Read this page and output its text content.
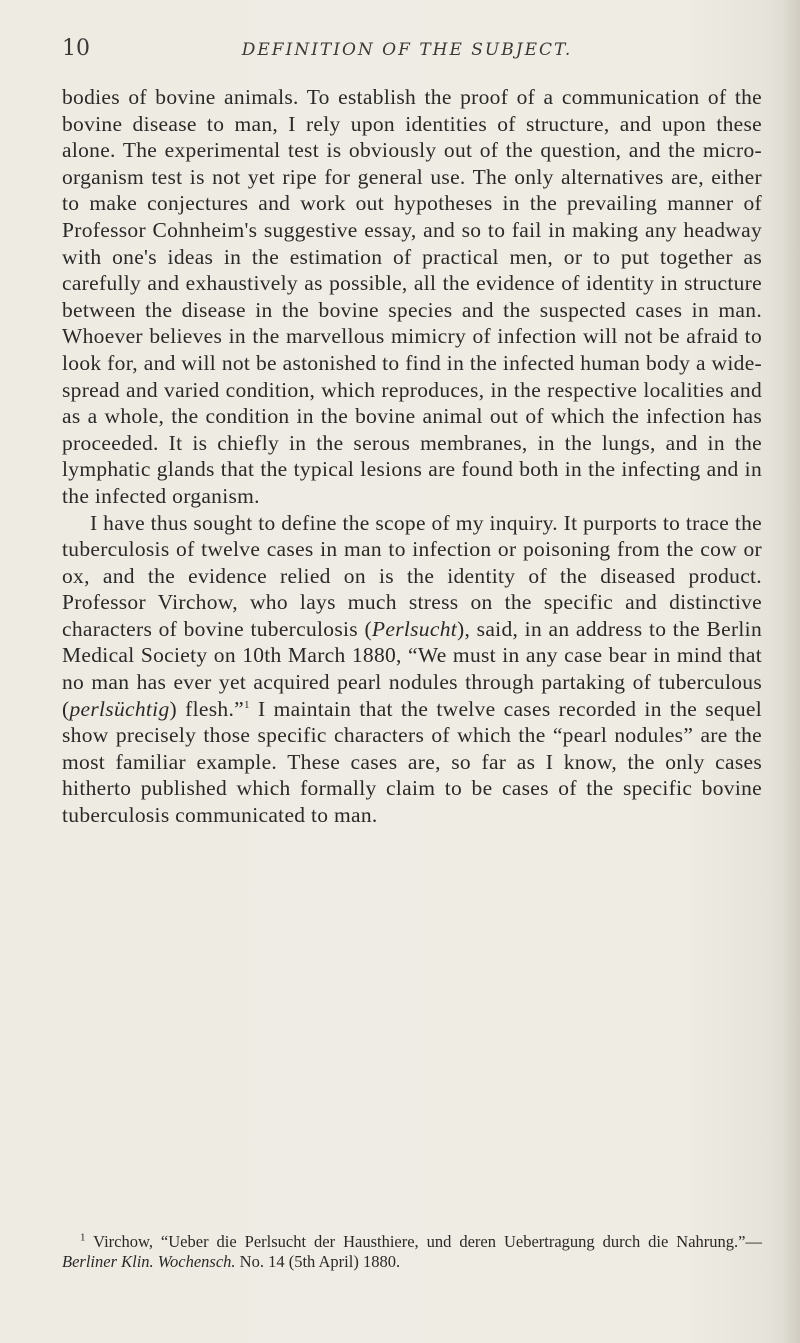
10	DEFINITION OF THE SUBJECT.

bodies of bovine animals. To establish the proof of a communication of the bovine disease to man, I rely upon identities of structure, and upon these alone. The experimental test is obviously out of the question, and the micro-organism test is not yet ripe for general use. The only alternatives are, either to make conjectures and work out hypotheses in the prevailing manner of Professor Cohnheim's suggestive essay, and so to fail in making any headway with one's ideas in the estimation of practical men, or to put together as carefully and exhaustively as possible, all the evidence of identity in structure between the disease in the bovine species and the suspected cases in man. Whoever believes in the marvellous mimicry of infection will not be afraid to look for, and will not be astonished to find in the infected human body a wide-spread and varied condition, which reproduces, in the respective localities and as a whole, the condition in the bovine animal out of which the infection has proceeded. It is chiefly in the serous membranes, in the lungs, and in the lymphatic glands that the typical lesions are found both in the infecting and in the infected organism.

I have thus sought to define the scope of my inquiry. It purports to trace the tuberculosis of twelve cases in man to infection or poisoning from the cow or ox, and the evidence relied on is the identity of the diseased product. Professor Virchow, who lays much stress on the specific and distinctive characters of bovine tuberculosis (Perlsucht), said, in an address to the Berlin Medical Society on 10th March 1880, “We must in any case bear in mind that no man has ever yet acquired pearl nodules through partaking of tuberculous (perlsüchtig) flesh.”$^1$ I maintain that the twelve cases recorded in the sequel show precisely those specific characters of which the “pearl nodules” are the most familiar example. These cases are, so far as I know, the only cases hitherto published which formally claim to be cases of the specific bovine tuberculosis communicated to man.

$^1$ Virchow, “Ueber die Perlsucht der Hausthiere, und deren Uebertragung durch die Nahrung.”—Berliner Klin. Wochensch. No. 14 (5th April) 1880.
